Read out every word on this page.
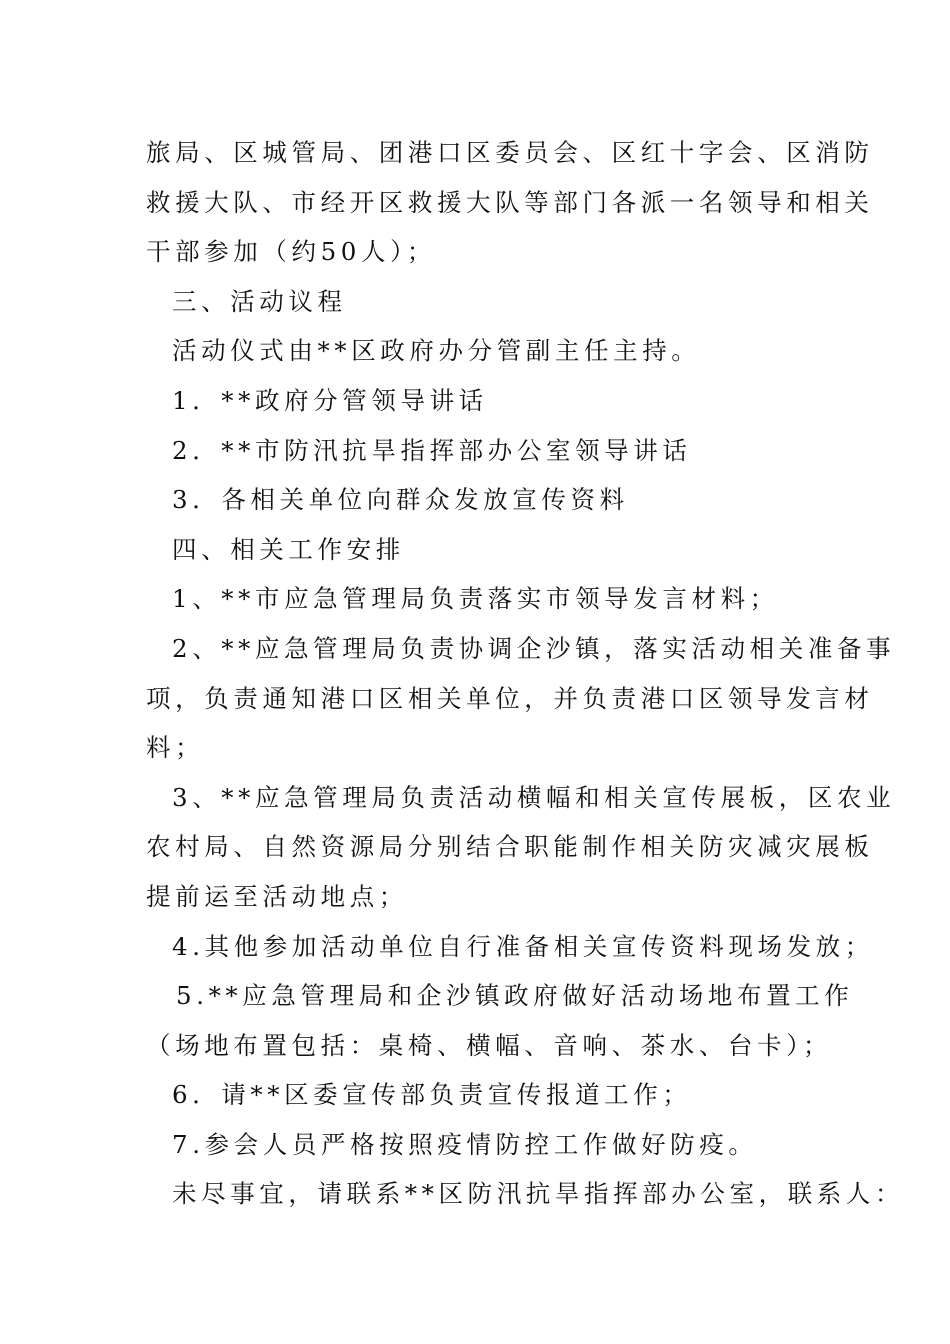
旅局、区城管局、团港口区委员会、区红十字会、区消防
救援大队、市经开区救援大队等部门各派一名领导和相关
干部参加（约50人）；
三、活动议程
活动仪式由**区政府办分管副主任主持。
1．**政府分管领导讲话
2．**市防汛抗旱指挥部办公室领导讲话
3．各相关单位向群众发放宣传资料
四、相关工作安排
1、**市应急管理局负责落实市领导发言材料；
2、**应急管理局负责协调企沙镇，落实活动相关准备事
项，负责通知港口区相关单位，并负责港口区领导发言材
料；
3、**应急管理局负责活动横幅和相关宣传展板，区农业
农村局、自然资源局分别结合职能制作相关防灾减灾展板
提前运至活动地点；
4.其他参加活动单位自行准备相关宣传资料现场发放；
5.**应急管理局和企沙镇政府做好活动场地布置工作
（场地布置包括：桌椅、横幅、音响、茶水、台卡）；
6．请**区委宣传部负责宣传报道工作；
7.参会人员严格按照疫情防控工作做好防疫。
未尽事宜，请联系**区防汛抗旱指挥部办公室，联系人：
